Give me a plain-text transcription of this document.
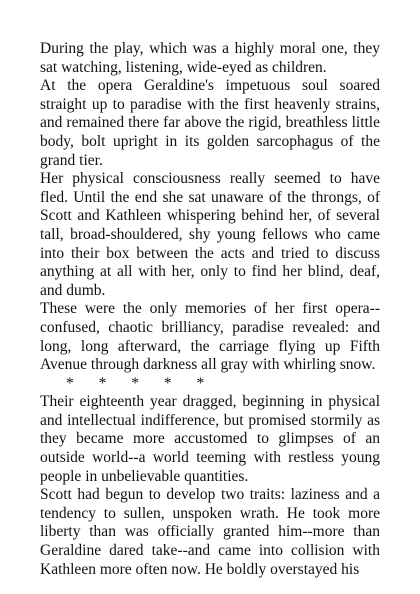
During the play, which was a highly moral one, they sat watching, listening, wide-eyed as children.

At the opera Geraldine's impetuous soul soared straight up to paradise with the first heavenly strains, and remained there far above the rigid, breathless little body, bolt upright in its golden sarcophagus of the grand tier.

Her physical consciousness really seemed to have fled. Until the end she sat unaware of the throngs, of Scott and Kathleen whispering behind her, of several tall, broad-shouldered, shy young fellows who came into their box between the acts and tried to discuss anything at all with her, only to find her blind, deaf, and dumb.

These were the only memories of her first opera--confused, chaotic brilliancy, paradise revealed: and long, long afterward, the carriage flying up Fifth Avenue through darkness all gray with whirling snow.

* * * * *

Their eighteenth year dragged, beginning in physical and intellectual indifference, but promised stormily as they became more accustomed to glimpses of an outside world--a world teeming with restless young people in unbelievable quantities.

Scott had begun to develop two traits: laziness and a tendency to sullen, unspoken wrath. He took more liberty than was officially granted him--more than Geraldine dared take--and came into collision with Kathleen more often now. He boldly overstayed his
